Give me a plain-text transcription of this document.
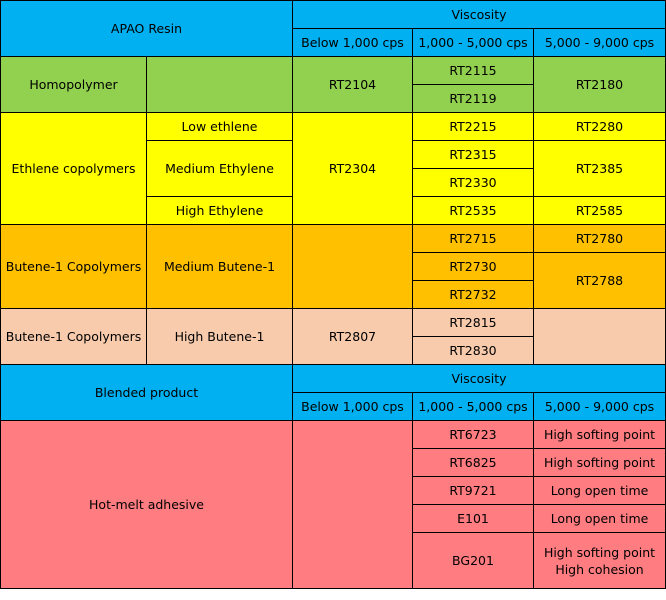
APAO Resin		Viscosity		
		Below 1,000 cps	1,000 - 5,000 cps	5,000 - 9,000 cps
Homopolymer		RT2104	RT2115	RT2180
			RT2119	
Ethlene copolymers	Low ethlene	RT2304	RT2215	RT2280
	Medium Ethylene		RT2315	RT2385
			RT2330	
	High Ethylene		RT2535	RT2585
Butene-1 Copolymers	Medium Butene-1		RT2715	RT2780
			RT2730	RT2788
			RT2732	
Butene-1 Copolymers	High Butene-1	RT2807	RT2815	
			RT2830	
Blended product		Viscosity		
		Below 1,000 cps	1,000 - 5,000 cps	5,000 - 9,000 cps
Hot-melt adhesive			RT6723	High softing point
			RT6825	High softing point
			RT9721	Long open time
			E101	Long open time
			BG201	High softing point
High cohesion
